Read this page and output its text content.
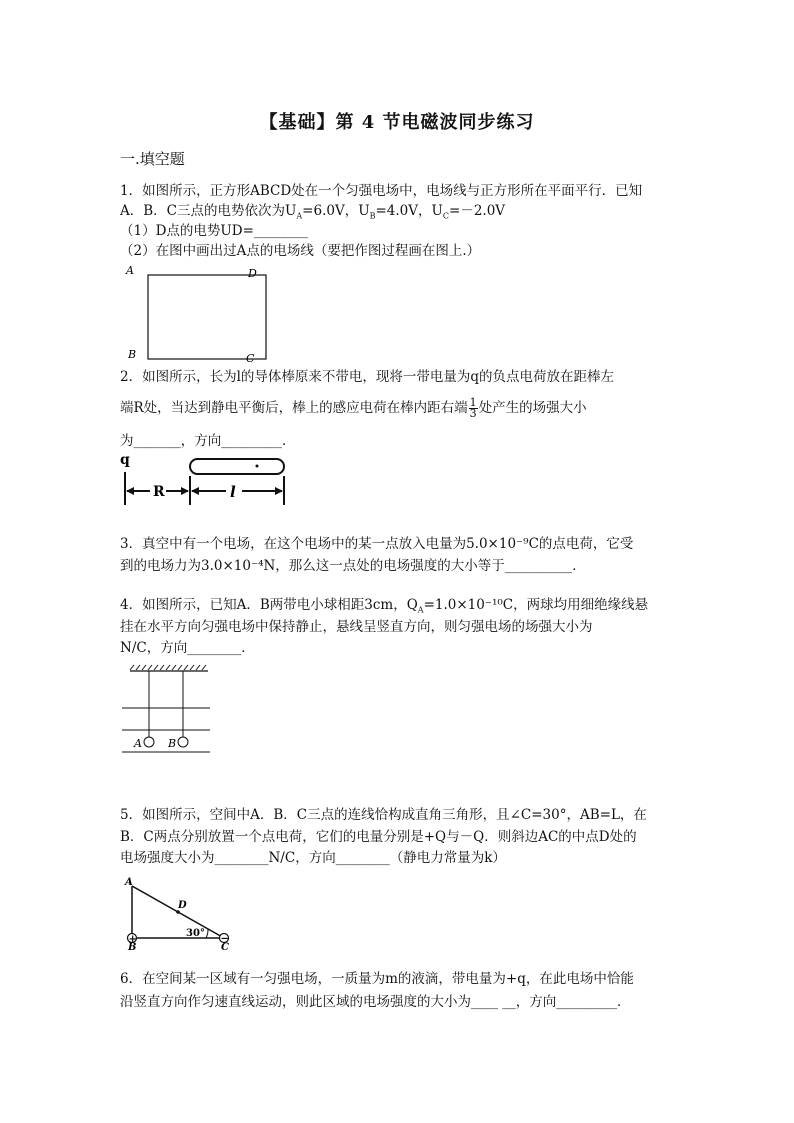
【基础】第 4 节电磁波同步练习
一.填空题
1．如图所示，正方形ABCD处在一个匀强电场中，电场线与正方形所在平面平行．已知
A．B．C三点的电势依次为$U_A=6.0V$，$U_B=4.0V$，$U_C=-2.0V$
（1）D点的电势UD=________
（2）在图中画出过A点的电场线（要把作图过程画在图上.）
A	D
B	C
2．如图所示，长为l的导体棒原来不带电，现将一带电量为q的负点电荷放在距棒左
端R处，当达到静电平衡后，棒上的感应电荷在棒内距右端 $\frac{1}{3}$ 处产生的场强大小
为_______，方向_________．
q
R	l
3．真空中有一个电场，在这个电场中的某一点放入电量为5.0×10⁻⁹C的点电荷，它受
到的电场力为3.0×10⁻⁴N，那么这一点处的电场强度的大小等于__________．
4．如图所示，已知A．B两带电小球相距3cm，$Q_A=1.0\times 10^{-10}C$，两球均用细绝缘线悬
挂在水平方向匀强电场中保持静止，悬线呈竖直方向，则匀强电场的场强大小为
N/C，方向________．
A B
5．如图所示，空间中A．B．C三点的连线恰构成直角三角形，且∠C=30°，AB=L，在
B．C两点分别放置一个点电荷，它们的电量分别是+Q与－Q．则斜边AC的中点D处的
电场强度大小为________N/C，方向________（静电力常量为k）
+	−
A
D
B	C
30°
6．在空间某一区域有一匀强电场，一质量为m的液滴，带电量为+q，在此电场中恰能
沿竖直方向作匀速直线运动，则此区域的电场强度的大小为____ __，方向_________．
